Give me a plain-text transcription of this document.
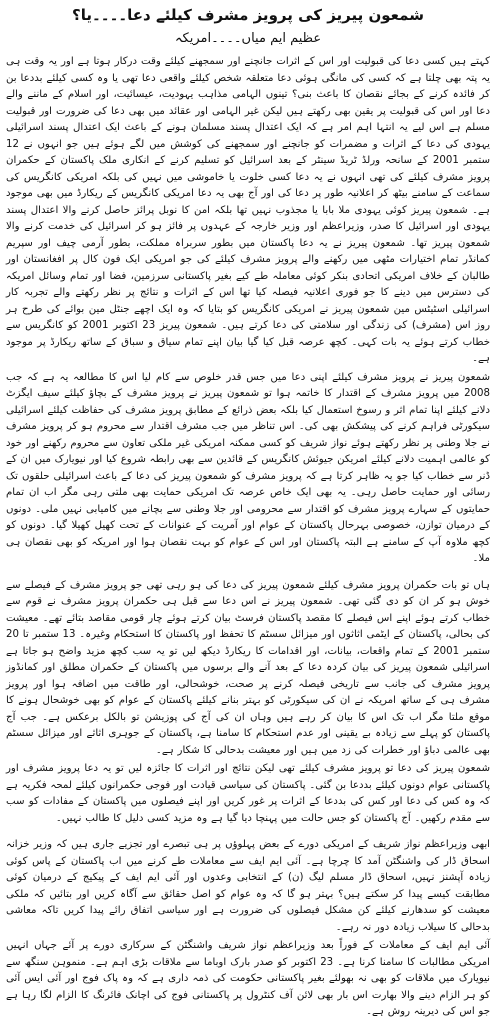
شمعون پیریز کی پرویز مشرف کیلئے دعا۔۔۔۔یا؟
عظیم ایم میاں۔۔۔۔امریکہ

کہتے ہیں کسی دعا کی قبولیت اور اس کے اثرات جانچنے اور سمجھنے کیلئے وقت درکار ہوتا ہے اور یہ وقت ہی یہ پتہ بھی چلتا ہے کہ کسی کی مانگی ہوئی دعا متعلقہ شخص کیلئے واقعی دعا تھی یا وہ کسی کیلئے بددعا بن کر فائدہ کرنے کے بجائے نقصان کا باعث بنی؟ تینوں الہامی مذاہب یہودیت، عیسائیت، اور اسلام کے ماننے والے دعا اور اس کی قبولیت پر یقین بھی رکھتے ہیں لیکن غیر الہامی اور عقائد میں بھی دعا کی ضرورت اور قبولیت مسلم ہے اس لیے یہ انتہا اہم امر ہے کہ ایک اعتدال پسند مسلمان ہونے کے باعث ایک اعتدال پسند اسرائیلی یہودی کی دعا کے اثرات و مضمرات کو جانچنے اور سمجھنے کی کوشش میں لگے ہوئے ہیں جو انہوں نے 12 ستمبر 2001 کے سانحہ ورلڈ ٹریڈ سینٹر کے بعد اسرائیل کو تسلیم کرنے کے انکاری ملک پاکستان کے حکمران پرویز مشرف کیلئے کی تھی انہوں نے یہ دعا کسی خلوت یا خاموشی میں نہیں کی بلکہ امریکی کانگریس کی سماعت کے سامنے بیٹھ کر اعلانیہ طور پر دعا کی اور آج بھی یہ دعا امریکی کانگریس کے ریکارڈ میں بھی موجود ہے۔ شمعون پیریز کوئی یہودی ملا بابا یا مجذوب نہیں تھا بلکہ امن کا نوبل پرائز حاصل کرنے والا اعتدال پسند یہودی اور اسرائیل کا صدر، وزیراعظم اور وزیر خارجہ کے عہدوں پر فائز ہو کر اسرائیل کی خدمت کرنے والا شمعون پیریز تھا۔ شمعون پیریز نے یہ دعا پاکستان میں بطور سربراہ مملکت، بطور آرمی چیف اور سپریم کمانڈر تمام اختیارات مٹھی میں رکھنے والے پرویز مشرف کیلئے کی جو امریکی ایک فون کال پر افغانستان اور طالبان کے خلاف امریکی اتحادی بنکر کوئی معاملہ طے کیے بغیر پاکستانی سرزمین، فضا اور تمام وسائل امریکہ کی دسترس میں دینے کا جو فوری اعلانیہ فیصلہ کیا تھا اس کے اثرات و نتائج پر نظر رکھتے والے تجربہ کار اسرائیلی اسٹیٹس مین شمعون پیریز نے امریکی کانگریس کو بتایا کہ وہ ایک اچھے جنٹل مین بوائے کی طرح ہر روز اس (مشرف) کی زندگی اور سلامتی کی دعا کرتے ہیں۔ شمعون پیریز 23 اکتوبر 2001 کو کانگریس سے خطاب کرتے ہوئے یہ بات کہی۔ کچھ عرصہ قبل کیا گیا بیان اپنے تمام سیاق و سباق کے ساتھ ریکارڈ پر موجود ہے۔

شمعون پیریز نے پرویز مشرف کیلئے اپنی دعا میں جس قدر خلوص سے کام لیا اس کا مطالعہ یہ ہے کہ جب 2008 میں پرویز مشرف کے اقتدار کا خاتمہ ہوا تو شمعون پیریز نے پرویز مشرف کے بچاؤ کیلئے سیف ایگزٹ دلانے کیلئے اپنا تمام اثر و رسوخ استعمال کیا بلکہ بعض ذرائع کے مطابق پرویز مشرف کی حفاظت کیلئے اسرائیلی سیکورٹی فراہم کرنے کی پیشکش بھی کی۔ اس تناظر میں جب مشرف اقتدار سے محروم ہو کر پرویز مشرف نے جلا وطنی پر نظر رکھتے ہوئے نواز شریف کو کسی ممکنہ امریکی غیر ملکی تعاون سے محروم رکھنے اور خود کو عالمی اہمیت دلانے کیلئے امریکن جیوئش کانگریس کے قائدین سے بھی رابطہ شروع کیا اور نیویارک میں ان کے ڈنر سے خطاب کیا جو یہ ظاہر کرتا ہے کہ پرویز مشرف کو شمعون پیریز کی دعا کے باعث اسرائیلی حلقوں تک رسائی اور حمایت حاصل رہی۔ یہ بھی ایک خاص عرصہ تک امریکی حمایت بھی ملتی رہی مگر اب ان تمام حمایتوں کے سہارے پرویز مشرف کو اقتدار سے محرومی اور جلا وطنی سے بچانے میں کامیابی نہیں ملی۔ دونوں کے درمیان توازن، خصوصی بہرحال پاکستان کے عوام اور آمریت کے عنوانات کے تحت کھیل کھیلا گیا۔ دونوں کو کچھ ملاوہ آپ کے سامنے ہے البتہ پاکستان اور اس کے عوام کو بہت نقصان ہوا اور امریکہ کو بھی نقصان ہی ملا۔

ہاں تو بات حکمران پرویز مشرف کیلئے شمعون پیریز کی دعا کی ہو رہی تھی جو پرویز مشرف کے فیصلے سے خوش ہو کر ان کو دی گئی تھی۔ شمعون پیریز نے اس دعا سے قبل ہی حکمران پرویز مشرف نے قوم سے خطاب کرتے ہوئے اپنے اس فیصلے کا مقصد پاکستان فرسٹ بیان کرتے ہوئے چار قومی مقاصد بتائے تھے۔ معیشت کی بحالی، پاکستان کے ایٹمی اثاثوں اور میزائل سسٹم کا تحفظ اور پاکستان کا استحکام وغیرہ۔ 13 ستمبر تا 20 ستمبر 2001 کے تمام واقعات، بیانات، اور اقدامات کا ریکارڈ دیکھ لیں تو یہ سب کچھ مزید واضح ہو جاتا ہے اسرائیلی شمعون پیریز کی بیان کردہ دعا کے بعد آنے والے برسوں میں پاکستان کے حکمران مطلق اور کمانڈوز پرویز مشرف کی جانب سے تاریخی فیصلہ کرنے پر صحت، خوشحالی، اور طاقت میں اضافہ ہوا اور پرویز مشرف ہی کے ساتھ امریکہ نے ان کی سیکورٹی کو بہتر بنانے کیلئے پاکستان کے عوام کو بھی خوشحال ہونے کا موقع ملتا مگر اب تک اس کا بیان کر رہے ہیں وہاں ان کی آج کی پوزیشن تو بالکل برعکس ہے۔ جب آج پاکستان کو پہلے سے زیادہ بے یقینی اور عدم استحکام کا سامنا ہے، پاکستان کے جوہری اثاثے اور میزائل سسٹم بھی عالمی دباؤ اور خطرات کی زد میں ہیں اور معیشت بدحالی کا شکار ہے۔

شمعون پیریز کی دعا تو پرویز مشرف کیلئے تھی لیکن نتائج اور اثرات کا جائزہ لیں تو یہ دعا پرویز مشرف اور پاکستانی عوام دونوں کیلئے بددعا بن گئی۔ پاکستان کی سیاسی قیادت اور فوجی حکمرانوں کیلئے لمحہ فکریہ ہے کہ وہ کس کی دعا اور کس کی بددعا کے اثرات پر غور کریں اور اپنے فیصلوں میں پاکستان کے مفادات کو سب سے مقدم رکھیں۔ آج پاکستان کو جس حالت میں پہنچا دیا گیا ہے وہ مزید کسی دلیل کا طالب نہیں۔

ابھی وزیراعظم نواز شریف کے امریکی دورے کے بعض پہلوؤں پر ہی تبصرے اور تجزیے جاری ہیں کہ وزیر خزانہ اسحاق ڈار کی واشنگٹن آمد کا چرچا ہے۔ آئی ایم ایف سے معاملات طے کرنے میں اب پاکستان کے پاس کوئی زیادہ آپشنز نہیں، اسحاق ڈار مسلم لیگ (ن) کے انتخابی وعدوں اور آئی ایم ایف کے پیکیج کے درمیان کوئی مطابقت کیسے پیدا کر سکتے ہیں؟ بہتر ہو گا کہ وہ عوام کو اصل حقائق سے آگاہ کریں اور بتائیں کہ ملکی معیشت کو سدھارنے کیلئے کن مشکل فیصلوں کی ضرورت ہے اور سیاسی اتفاق رائے پیدا کریں تاکہ معاشی بدحالی کا سیلاب زیادہ دور نہ رہے۔

آئی ایم ایف کے معاملات کے فوراً بعد وزیراعظم نواز شریف واشنگٹن کے سرکاری دورے پر آئے جہاں انہیں امریکی مطالبات کا سامنا کرنا ہے۔ 23 اکتوبر کو صدر بارک اوباما سے ملاقات بڑی اہم ہے۔ منموہن سنگھ سے نیویارک میں ملاقات کو بھی نہ بھولئے بغیر پاکستانی حکومت کی ذمہ داری ہے کہ وہ پاک فوج اور آئی ایس آئی کو ہر الزام دینے والا بھارت اس بار بھی لائن آف کنٹرول پر پاکستانی فوج کی اچانک فائرنگ کا الزام لگا رہا ہے جو اس کی دیرینہ روش ہے۔
